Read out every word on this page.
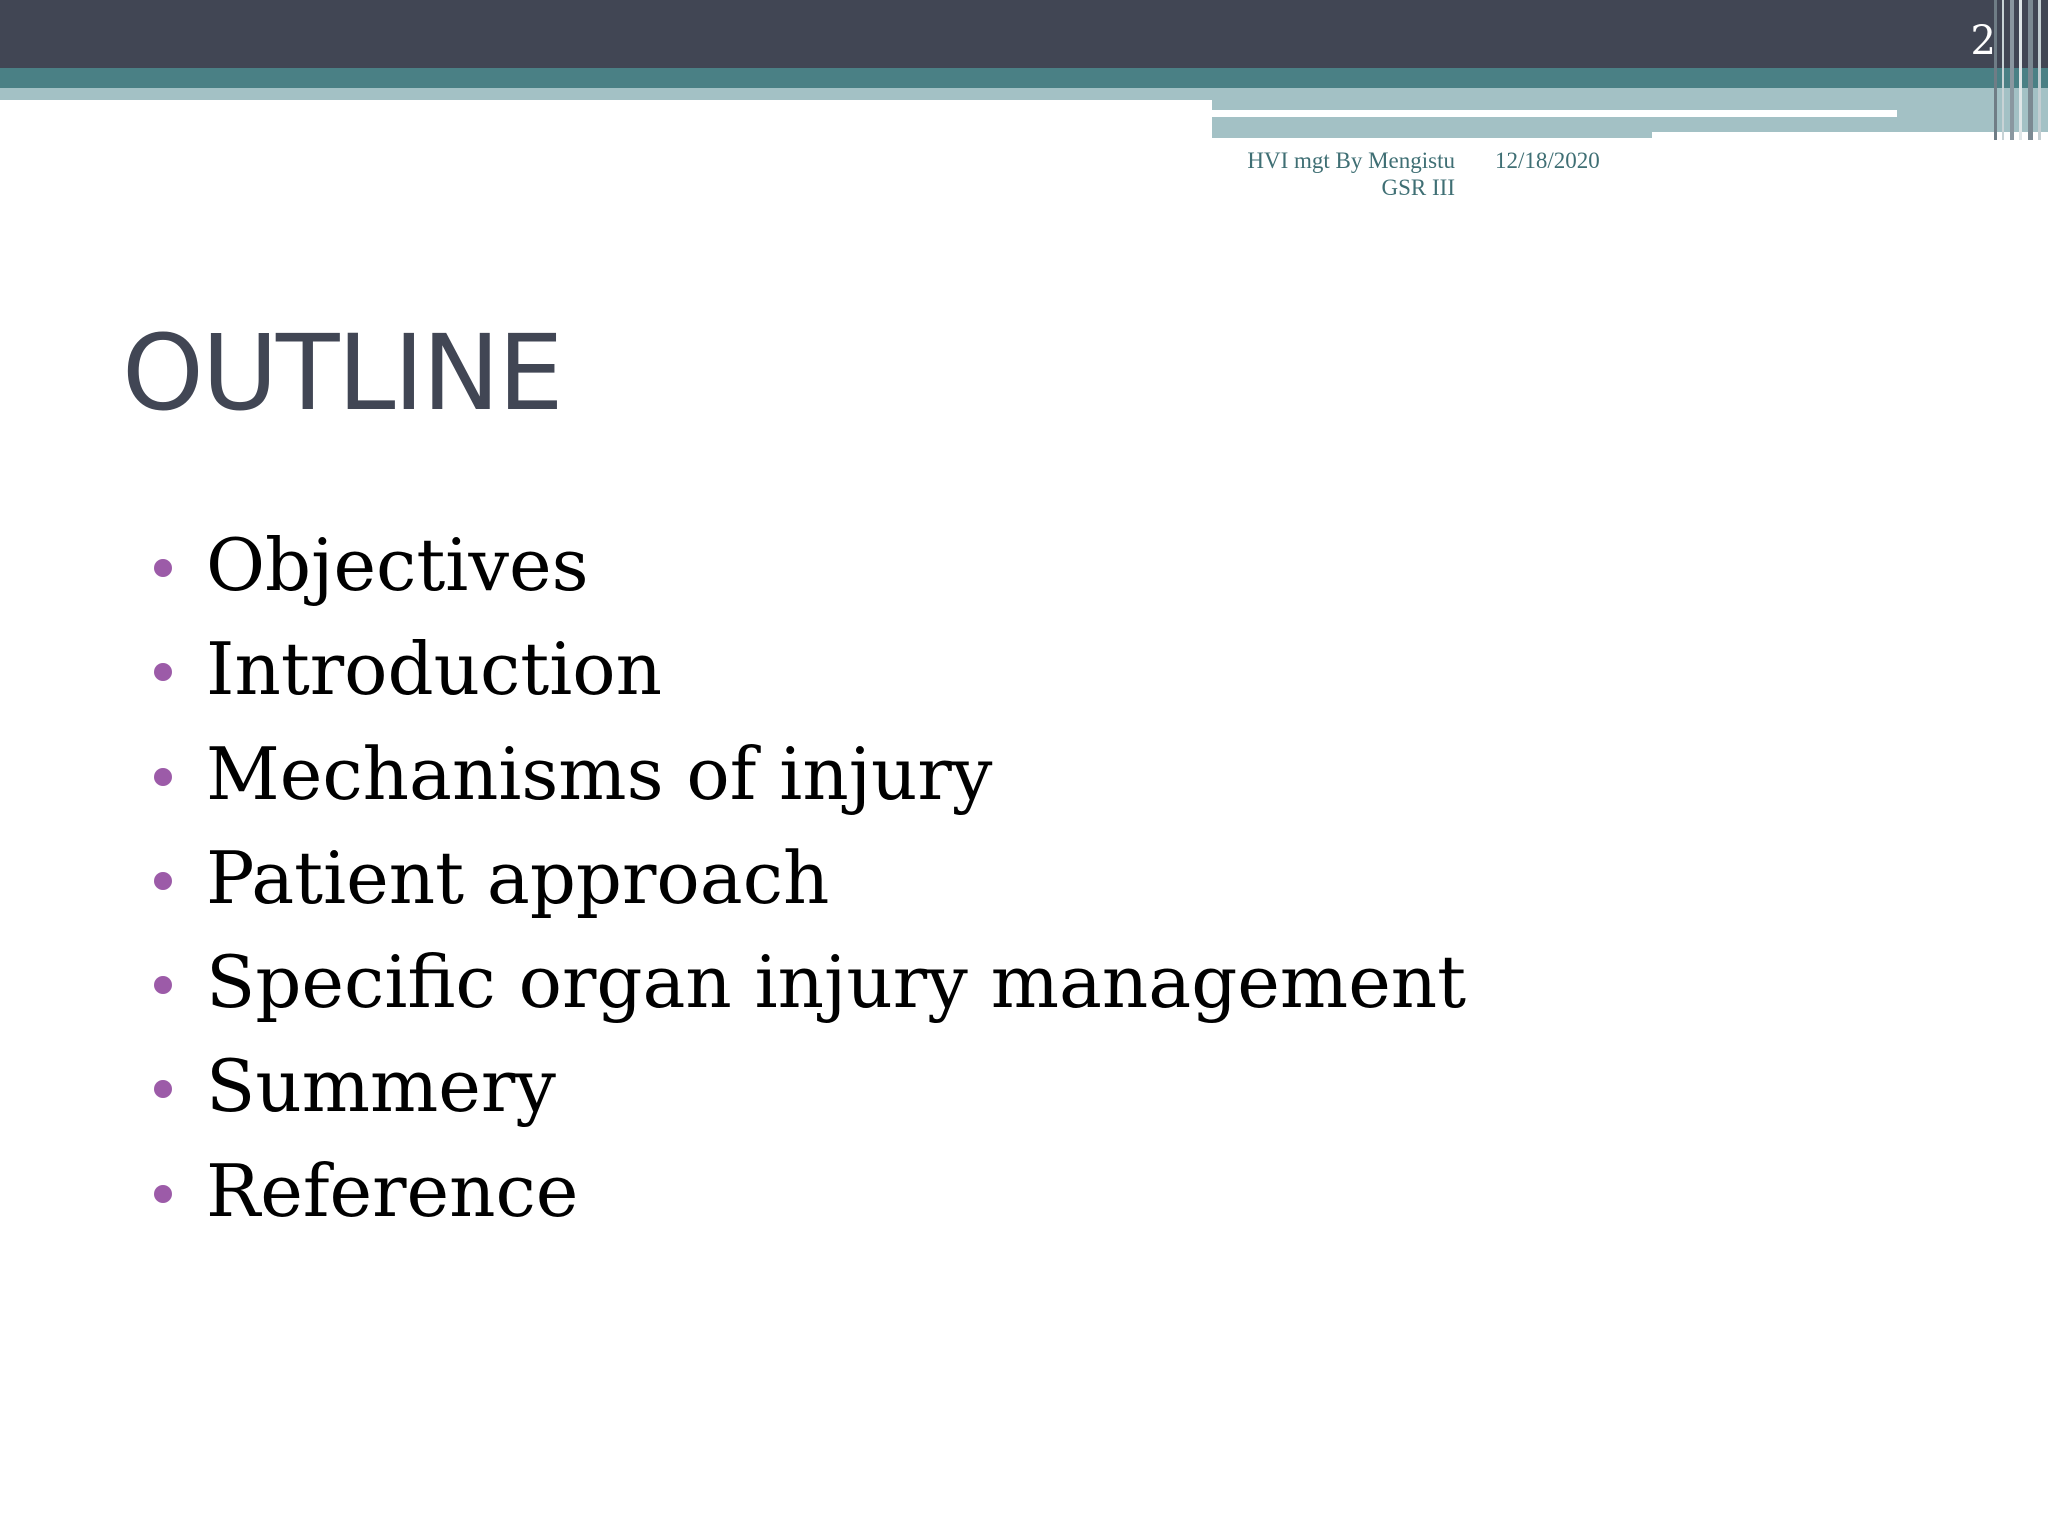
2
HVI mgt By Mengistu
GSR III
12/18/2020
OUTLINE
Objectives
Introduction
Mechanisms of injury
Patient approach
Specific organ injury management
Summery
Reference
